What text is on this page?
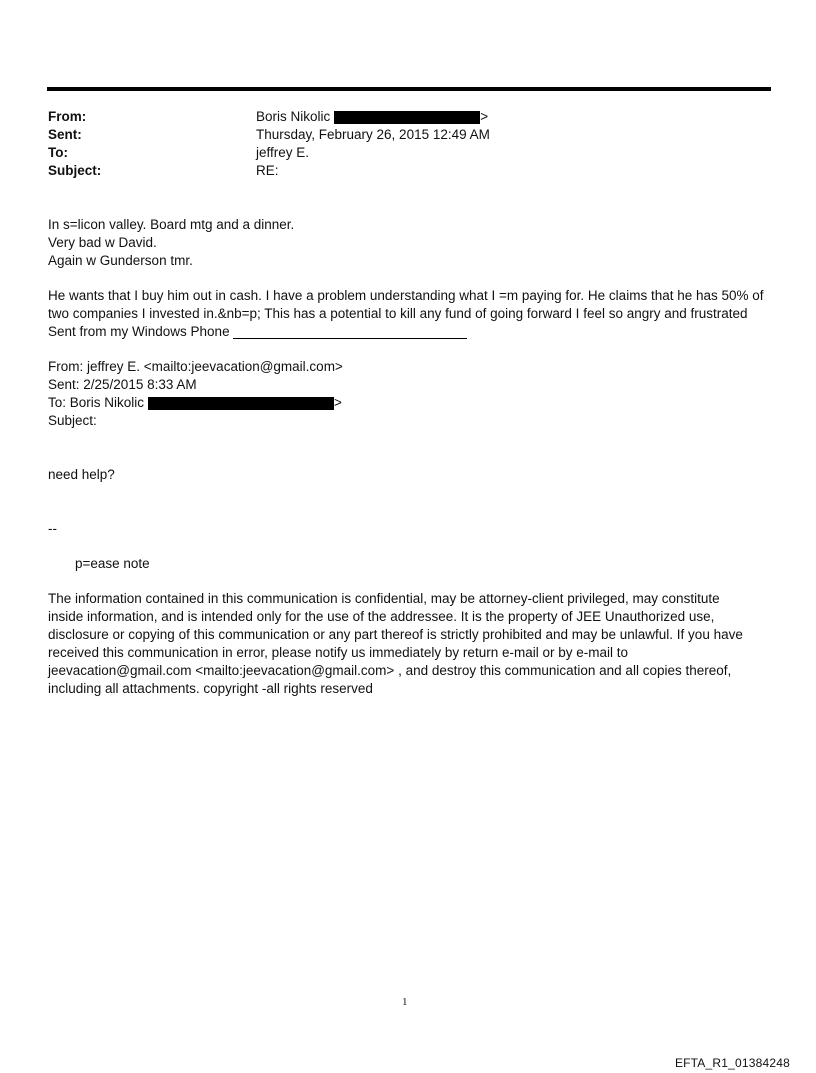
From:	Boris Nikolic	>
Sent:	Thursday, February 26, 2015 12:49 AM
To:	jeffrey E.
Subject:	RE:

In s=licon valley. Board mtg and a dinner.

Very bad w David.

Again w Gunderson tmr.

He wants that I buy him out in cash. I have a problem understanding what I =m paying for. He claims that he has 50% of

two companies I invested in.&nb=p; This has a potential to kill any fund of going forward I feel so angry and frustrated

Sent from my Windows Phone

From: jeffrey E. <mailto:jeevacation@gmail.com>

Sent: 2/25/2015 8:33 AM

To: Boris Nikolic	>

Subject:

need help?

--

p=ease note

The information contained in this communication is confidential, may be attorney-client privileged, may constitute

inside information, and is intended only for the use of the addressee. It is the property of JEE Unauthorized use,

disclosure or copying of this communication or any part thereof is strictly prohibited and may be unlawful. If you have

received this communication in error, please notify us immediately by return e-mail or by e-mail to

jeevacation@gmail.com <mailto:jeevacation@gmail.com> , and destroy this communication and all copies thereof,

including all attachments. copyright -all rights reserved

1
EFTA_R1_01384248
